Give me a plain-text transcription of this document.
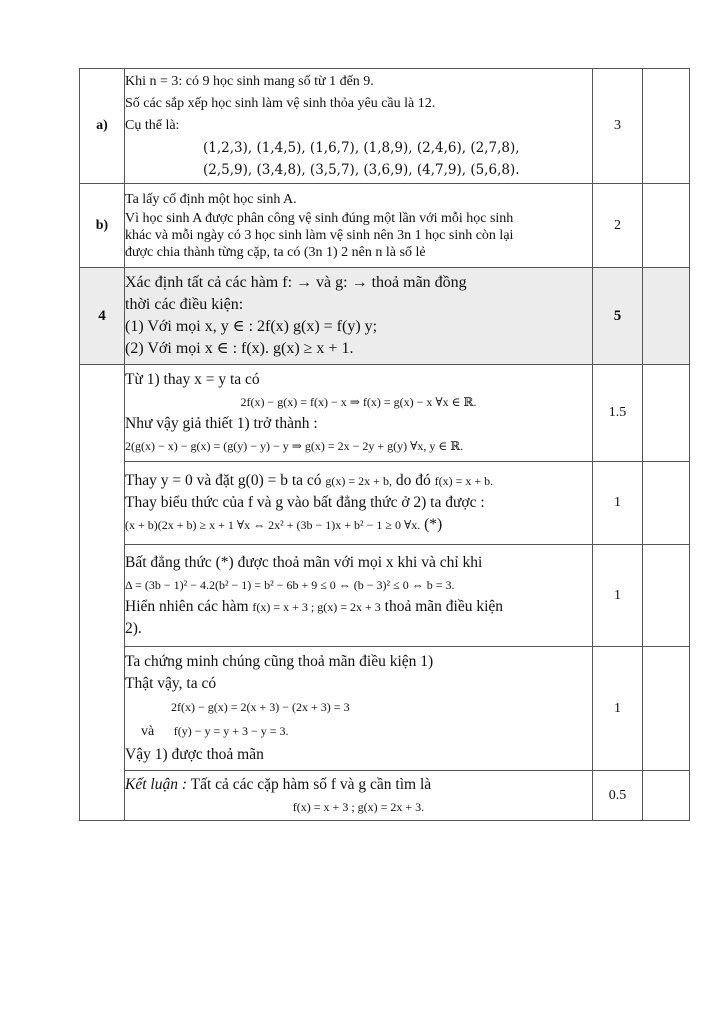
a)	Khi n = 3: có 9 học sinh mang số từ 1 đến 9.

Số các sắp xếp học sinh làm vệ sinh thỏa yêu cầu là 12.

Cụ thể là:

(1,2,3), (1,4,5), (1,6,7), (1,8,9), (2,4,6), (2,7,8),

(2,5,9), (3,4,8), (3,5,7), (3,6,9), (4,7,9), (5,6,8).	3	
b)	Ta lấy cố định một học sinh A.

Vì học sinh A được phân công vệ sinh đúng một lần với mỗi học sinh

khác và mỗi ngày có 3 học sinh làm vệ sinh nên 3n 1 học sinh còn lại

được chia thành từng cặp, ta có (3n 1) 2 nên n là số lẻ	2	
4	Xác định tất cả các hàm f: → và g: → thoả mãn đồng

thời các điều kiện:

(1) Với mọi x, y ∈ : 2f(x) g(x) = f(y) y;

(2) Với mọi x ∈ : f(x). g(x) ≥ x + 1.	5	

	Từ 1) thay x = y ta có

2f(x) − g(x) = f(x) − x ⇒ f(x) = g(x) − x ∀x ∈ ℝ.

Như vậy giả thiết 1) trở thành :

2(g(x) − x) − g(x) = (g(y) − y) − y ⇒ g(x) = 2x − 2y + g(y) ∀x, y ∈ ℝ.	1.5	

	Thay y = 0 và đặt g(0) = b ta có g(x) = 2x + b, do đó f(x) = x + b.

Thay biểu thức của f và g vào bất đẳng thức ở 2) ta được :

(x + b)(2x + b) ≥ x + 1 ∀x ⇔ 2x² + (3b − 1)x + b² − 1 ≥ 0 ∀x. (*)	1	

	Bất đẳng thức (*) được thoả mãn với mọi x khi và chỉ khi

Δ = (3b − 1)² − 4.2(b² − 1) = b² − 6b + 9 ≤ 0 ⇔ (b − 3)² ≤ 0 ⇔ b = 3.

Hiển nhiên các hàm f(x) = x + 3 ; g(x) = 2x + 3 thoả mãn điều kiện

2).	1	

	Ta chứng minh chúng cũng thoả mãn điều kiện 1)

Thật vậy, ta có

2f(x) − g(x) = 2(x + 3) − (2x + 3) = 3

và f(y) − y = y + 3 − y = 3.

Vậy 1) được thoả mãn	1	

	Kết luận : Tất cả các cặp hàm số f và g cần tìm là

f(x) = x + 3 ; g(x) = 2x + 3.	0.5	
